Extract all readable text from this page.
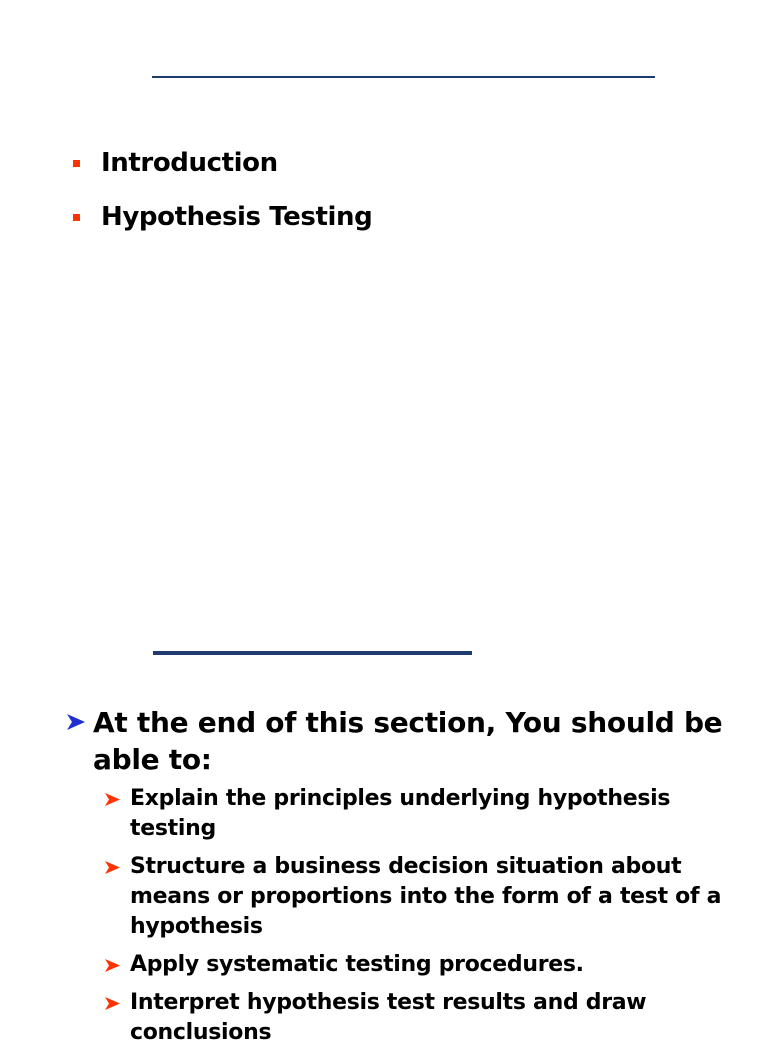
Introduction
Hypothesis Testing
At the end of this section, You should be able to:
Explain the principles underlying hypothesis testing
Structure a business decision situation about means or proportions into the form of a test of a hypothesis
Apply systematic testing procedures.
Interpret hypothesis test results and draw conclusions
